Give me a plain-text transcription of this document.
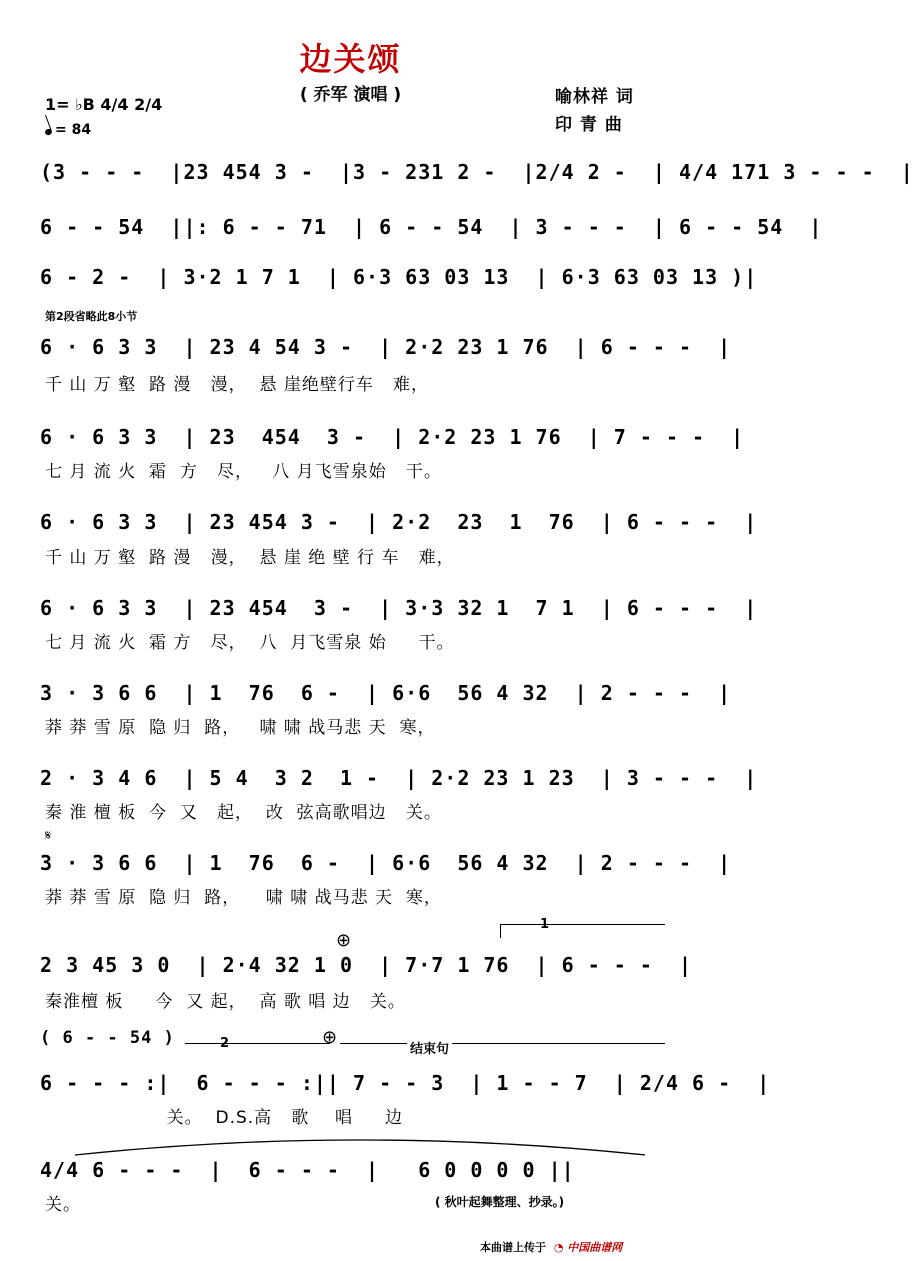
边关颂
( 乔军 演唱 )	喻林祥 词
印 青 曲
1= ♭B 4/4 2/4
= 84
(3 - - -  |23 454 3 -  |3 - 231 2 -  |2/4 2 -  | 4/4 171 3 - - -  |
6 - - 54  ||: 6 - - 71  | 6 - - 54  | 3 - - -  | 6 - - 54  |
6 - 2 -  | 3·2 1 7 1  | 6·3 63 03 13  | 6·3 63 03 13 )|
第2段省略此8小节
6 · 6 3 3  | 23 4 54 3 -  | 2·2 23 1 76  | 6 - - -  |
千 山 万 壑  路 漫   漫，  悬 崖绝壁行车   难，
6 · 6 3 3  | 23  454  3 -  | 2·2 23 1 76  | 7 - - -  |
七 月 流 火  霜  方   尽，   八 月飞雪泉始   干。
6 · 6 3 3  | 23 454 3 -  | 2·2  23  1  76  | 6 - - -  |
千 山 万 壑  路 漫   漫，  悬 崖 绝 壁 行 车   难，
6 · 6 3 3  | 23 454  3 -  | 3·3 32 1  7 1  | 6 - - -  |
七 月 流 火  霜 方   尽，  八  月飞雪泉 始     干。
3 · 3 6 6  | 1  76  6 -  | 6·6  56 4 32  | 2 - - -  |
莽 莽 雪 原  隐 归  路，   啸 啸 战马悲 天  寒，
2 · 3 4 6  | 5 4  3 2  1 -  | 2·2 23 1 23  | 3 - - -  |
秦 淮 檀 板  今  又   起，  改  弦高歌唱边   关。
𝄋
3 · 3 6 6  | 1  76  6 -  | 6·6  56 4 32  | 2 - - -  |
莽 莽 雪 原  隐 归  路，    啸 啸 战马悲 天  寒，
1
⊕
2 3 45 3 0  | 2·4 32 1 0  | 7·7 1 76  | 6 - - -  |
秦淮檀 板     今  又 起，  高 歌 唱 边   关。
( 6 - - 54 )	2	⊕
结束句
6 - - - :|  6 - - - :|| 7 - - 3  | 1 - - 7  | 2/4 6 -  |
关。  D.S.高   歌    唱     边
4/4 6 - - -  |  6 - - -  |   6 0 0 0 0 ||
关。	( 秋叶起舞整理、抄录。)
本曲谱上传于 ◔ 中国曲谱网
